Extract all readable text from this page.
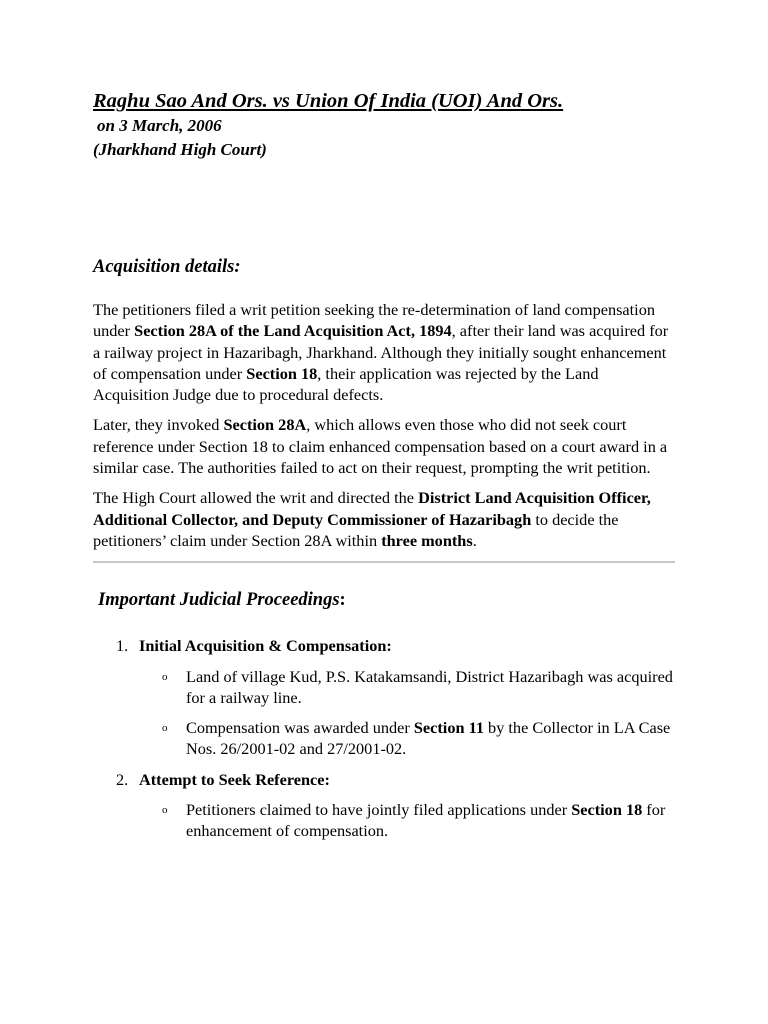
Raghu Sao And Ors. vs Union Of India (UOI) And Ors.

on 3 March, 2006

(Jharkhand High Court)

Acquisition details:

The petitioners filed a writ petition seeking the re-determination of land compensation under Section 28A of the Land Acquisition Act, 1894, after their land was acquired for a railway project in Hazaribagh, Jharkhand. Although they initially sought enhancement of compensation under Section 18, their application was rejected by the Land Acquisition Judge due to procedural defects.

Later, they invoked Section 28A, which allows even those who did not seek court reference under Section 18 to claim enhanced compensation based on a court award in a similar case. The authorities failed to act on their request, prompting the writ petition.

The High Court allowed the writ and directed the District Land Acquisition Officer, Additional Collector, and Deputy Commissioner of Hazaribagh to decide the petitioners’ claim under Section 28A within three months.

Important Judicial Proceedings:
1. Initial Acquisition & Compensation:
o Land of village Kud, P.S. Katakamsandi, District Hazaribagh was acquired for a railway line.
o Compensation was awarded under Section 11 by the Collector in LA Case Nos. 26/2001-02 and 27/2001-02.
2. Attempt to Seek Reference:
o Petitioners claimed to have jointly filed applications under Section 18 for enhancement of compensation.
